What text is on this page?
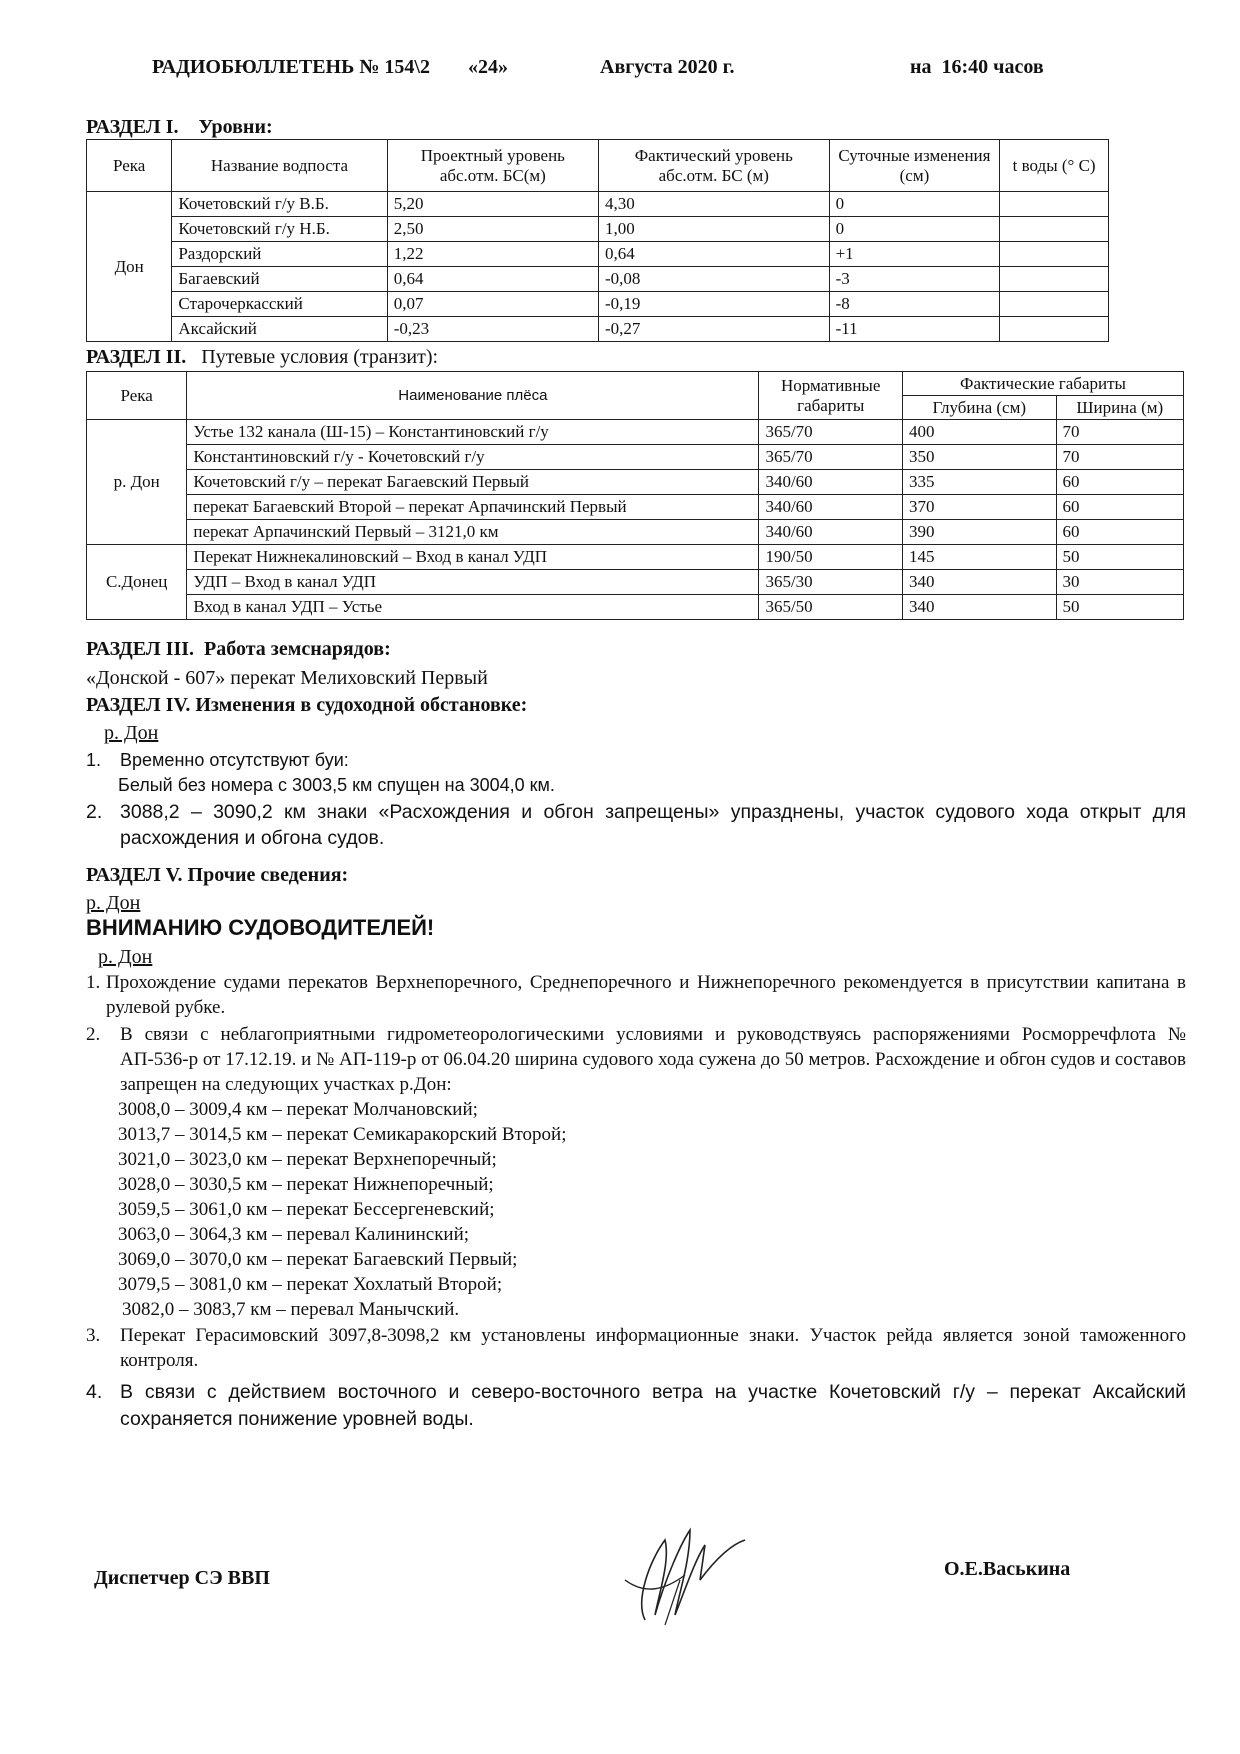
РАДИОБЮЛЛЕТЕНЬ № 154\2 «24»	Августа 2020 г.	на  16:40 часов
РАЗДЕЛ I. Уровни:
Река	Название водпоста	Проектный уровень абс.отм. БС(м)	Фактический уровень абс.отм. БС (м)	Суточные изменения (см)	t воды (° С)
Дон	Кочетовский г/у В.Б.	5,20	4,30	0	
	Кочетовский г/у Н.Б.	2,50	1,00	0	
	Раздорский	1,22	0,64	+1	
	Багаевский	0,64	-0,08	-3	
	Старочеркасский	0,07	-0,19	-8	
	Аксайский	-0,23	-0,27	-11	
РАЗДЕЛ II. Путевые условия (транзит):
Река	Наименование плёса	Нормативные габариты	Фактические габариты	
			Глубина (см)	Ширина (м)
р. Дон	Устье 132 канала (Ш-15) – Константиновский г/у	365/70	400	70
	Константиновский г/у - Кочетовский г/у	365/70	350	70
	Кочетовский г/у – перекат Багаевский Первый	340/60	335	60
	перекат Багаевский Второй – перекат Арпачинский Первый	340/60	370	60
	перекат Арпачинский Первый – 3121,0 км	340/60	390	60
С.Донец	Перекат Нижнекалиновский – Вход в канал УДП	190/50	145	50
	УДП – Вход в канал УДП	365/30	340	30
	Вход в канал УДП – Устье	365/50	340	50
РАЗДЕЛ III.  Работа земснарядов:
«Донской - 607» перекат Мелиховский Первый
РАЗДЕЛ IV. Изменения в судоходной обстановке:
р. Дон
1. Временно отсутствуют буи:
Белый без номера с 3003,5 км спущен на 3004,0 км.
2. 3088,2 – 3090,2 км знаки «Расхождения и обгон запрещены» упразднены, участок судового хода открыт для расхождения и обгона судов.
РАЗДЕЛ V. Прочие сведения:
р. Дон
ВНИМАНИЮ СУДОВОДИТЕЛЕЙ!
р. Дон
1. Прохождение судами перекатов Верхнепоречного, Среднепоречного и Нижнепоречного рекомендуется в присутствии капитана в рулевой рубке.
2. В связи с неблагоприятными гидрометеорологическими условиями и руководствуясь распоряжениями Росморречфлота № АП-536-р от 17.12.19. и № АП-119-р от 06.04.20 ширина судового хода сужена до 50 метров. Расхождение и обгон судов и составов запрещен на следующих участках р.Дон:
3008,0 – 3009,4 км – перекат Молчановский;
3013,7 – 3014,5 км – перекат Семикаракорский Второй;
3021,0 – 3023,0 км – перекат Верхнепоречный;
3028,0 – 3030,5 км – перекат Нижнепоречный;
3059,5 – 3061,0 км – перекат Бессергеневский;
3063,0 – 3064,3 км – перевал Калининский;
3069,0 – 3070,0 км – перекат Багаевский Первый;
3079,5 – 3081,0 км – перекат Хохлатый Второй;
3082,0 – 3083,7 км – перевал Манычский.
3. Перекат Герасимовский 3097,8-3098,2 км установлены информационные знаки. Участок рейда является зоной таможенного контроля.
4. В связи с действием восточного и северо-восточного ветра на участке Кочетовский г/у – перекат Аксайский сохраняется понижение уровней воды.
Диспетчер СЭ ВВП	О.Е.Васькина
